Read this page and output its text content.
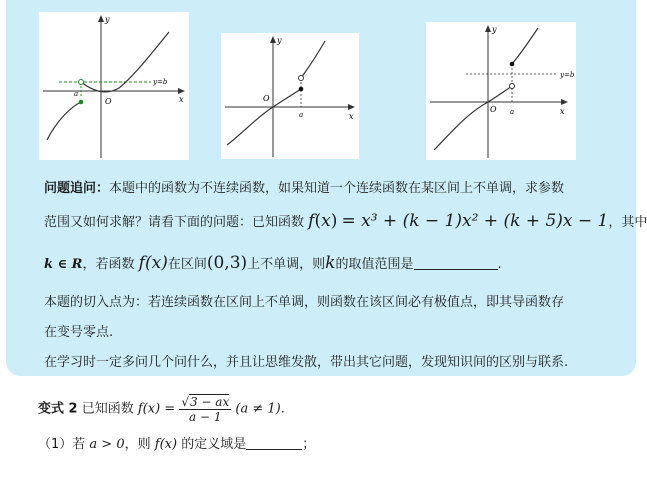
y
x
O
a
y=b
y
x
O
a
y
x
O a
y=b
问题追问：本题中的函数为不连续函数，如果知道一个连续函数在某区间上不单调，求参数
范围又如何求解？请看下面的问题：已知函数 f(x) = x³ + (k − 1)x² + (k + 5)x − 1，其中
k ∈ R，若函数 f(x)在区间(0,3)上不单调，则k的取值范围是	.
本题的切入点为：若连续函数在区间上不单调，则函数在该区间必有极值点，即其导函数存
在变号零点.
在学习时一定多问几个问什么，并且让思维发散，带出其它问题，发现知识间的区别与联系.
变式 2 已知函数 $f(x) = \frac{√3 - ax}{a - 1} (a \ne 1)$.
（1）若 a > 0，则 f(x) 的定义域是	；
